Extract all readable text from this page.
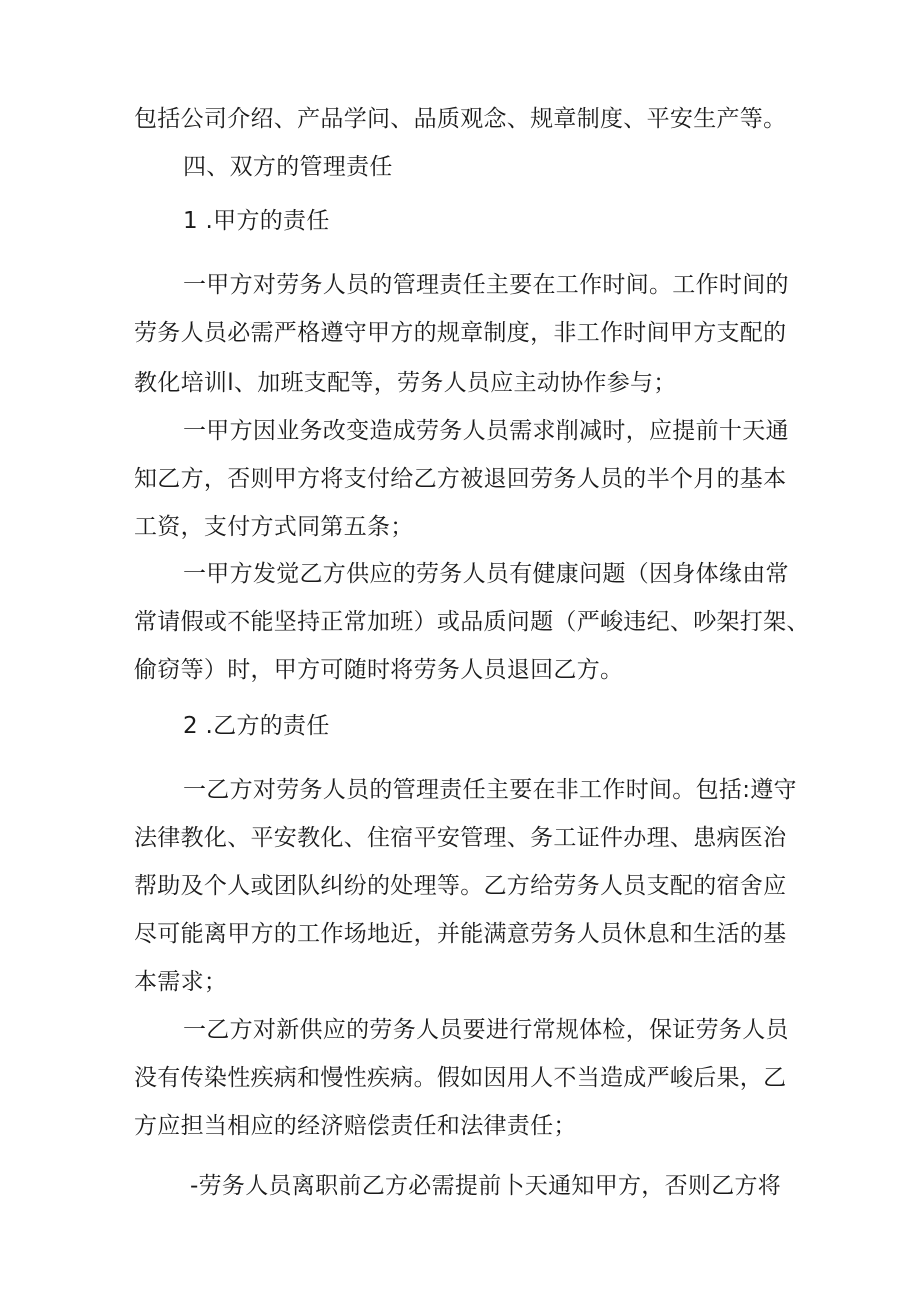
包括公司介绍、产品学问、品质观念、规章制度、平安生产等。
四、双方的管理责任
1 .甲方的责任
一甲方对劳务人员的管理责任主要在工作时间。工作时间的
劳务人员必需严格遵守甲方的规章制度，非工作时间甲方支配的
教化培训l、加班支配等，劳务人员应主动协作参与；
一甲方因业务改变造成劳务人员需求削减时，应提前十天通
知乙方，否则甲方将支付给乙方被退回劳务人员的半个月的基本
工资，支付方式同第五条；
一甲方发觉乙方供应的劳务人员有健康问题（因身体缘由常
常请假或不能坚持正常加班）或品质问题（严峻违纪、吵架打架、
偷窃等）时，甲方可随时将劳务人员退回乙方。
2 .乙方的责任
一乙方对劳务人员的管理责任主要在非工作时间。包括:遵守
法律教化、平安教化、住宿平安管理、务工证件办理、患病医治
帮助及个人或团队纠纷的处理等。乙方给劳务人员支配的宿舍应
尽可能离甲方的工作场地近，并能满意劳务人员休息和生活的基
本需求；
一乙方对新供应的劳务人员要进行常规体检，保证劳务人员
没有传染性疾病和慢性疾病。假如因用人不当造成严峻后果，乙
方应担当相应的经济赔偿责任和法律责任；
-劳务人员离职前乙方必需提前卜天通知甲方，否则乙方将
